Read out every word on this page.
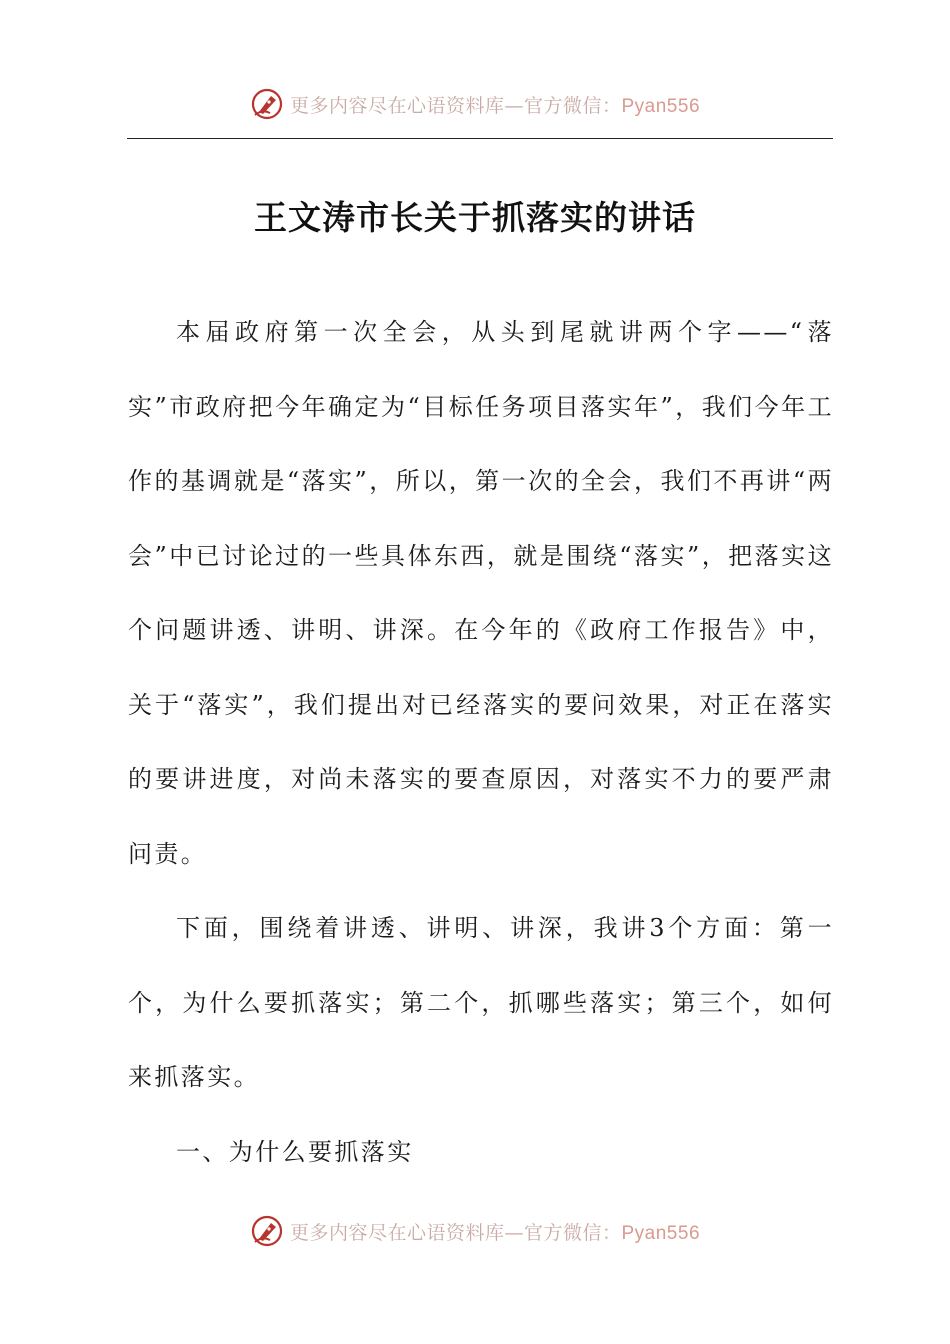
更多内容尽在心语资料库—官方微信：Pyan556
王文涛市长关于抓落实的讲话

本届政府第一次全会，从头到尾就讲两个字——“落实”市政府把今年确定为“目标任务项目落实年”，我们今年工作的基调就是“落实”，所以，第一次的全会，我们不再讲“两会”中已讨论过的一些具体东西，就是围绕“落实”，把落实这个问题讲透、讲明、讲深。在今年的《政府工作报告》中，关于“落实”，我们提出对已经落实的要问效果，对正在落实的要讲进度，对尚未落实的要查原因，对落实不力的要严肃问责。

下面，围绕着讲透、讲明、讲深，我讲3个方面：第一个，为什么要抓落实；第二个，抓哪些落实；第三个，如何来抓落实。

一、为什么要抓落实

更多内容尽在心语资料库—官方微信：Pyan556
